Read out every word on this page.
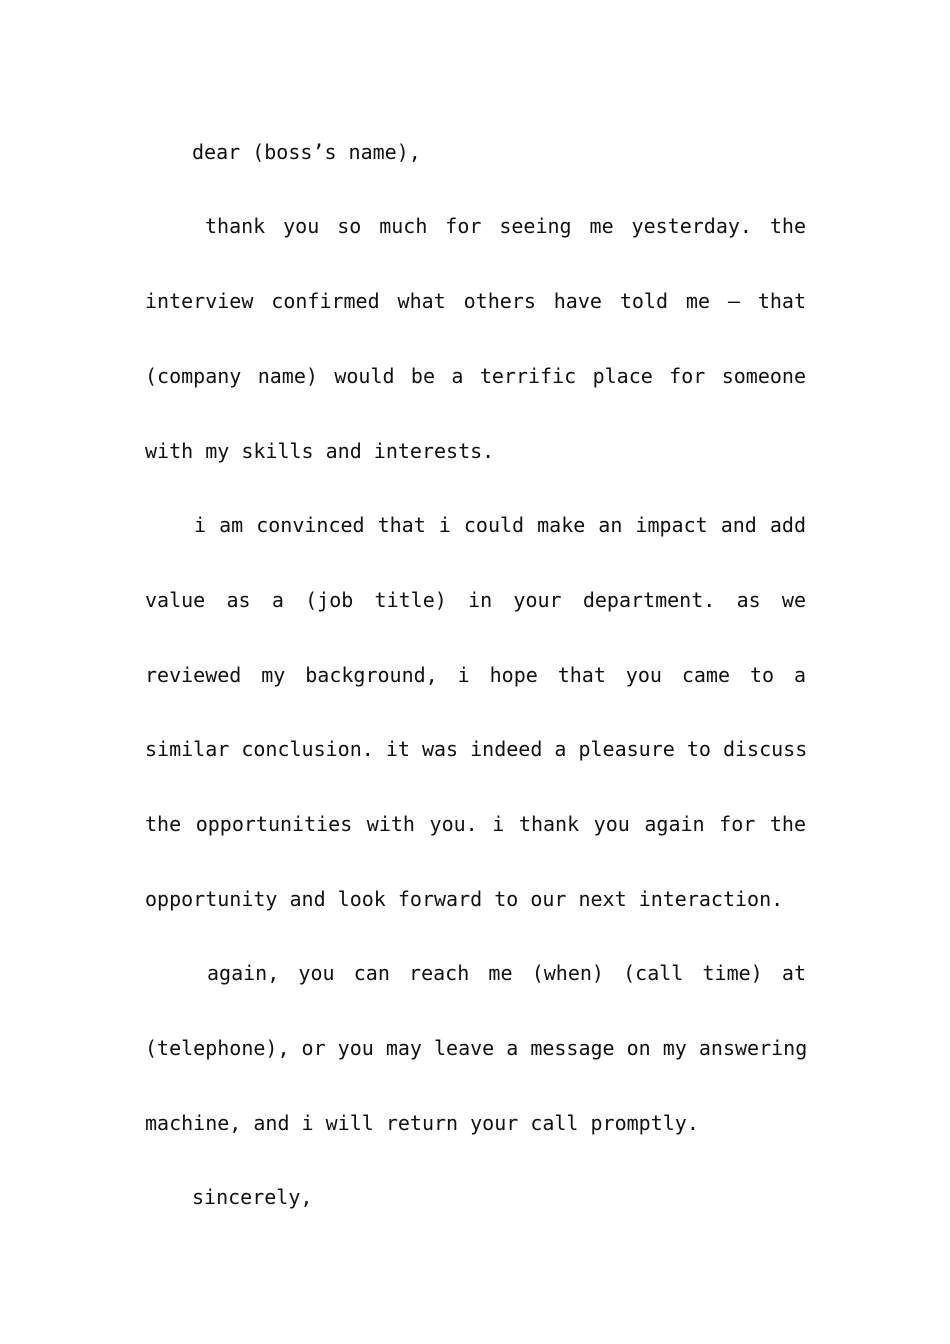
dear (boss’s name),
thank you so much for seeing me yesterday. the
interview confirmed what others have told me – that
(company name) would be a terrific place for someone
with my skills and interests.
i am convinced that i could make an impact and add
value as a (job title) in your department. as we
reviewed my background, i hope that you came to a
similar conclusion. it was indeed a pleasure to discuss
the opportunities with you. i thank you again for the
opportunity and look forward to our next interaction.
again, you can reach me (when) (call time) at
(telephone), or you may leave a message on my answering
machine, and i will return your call promptly.
sincerely,
